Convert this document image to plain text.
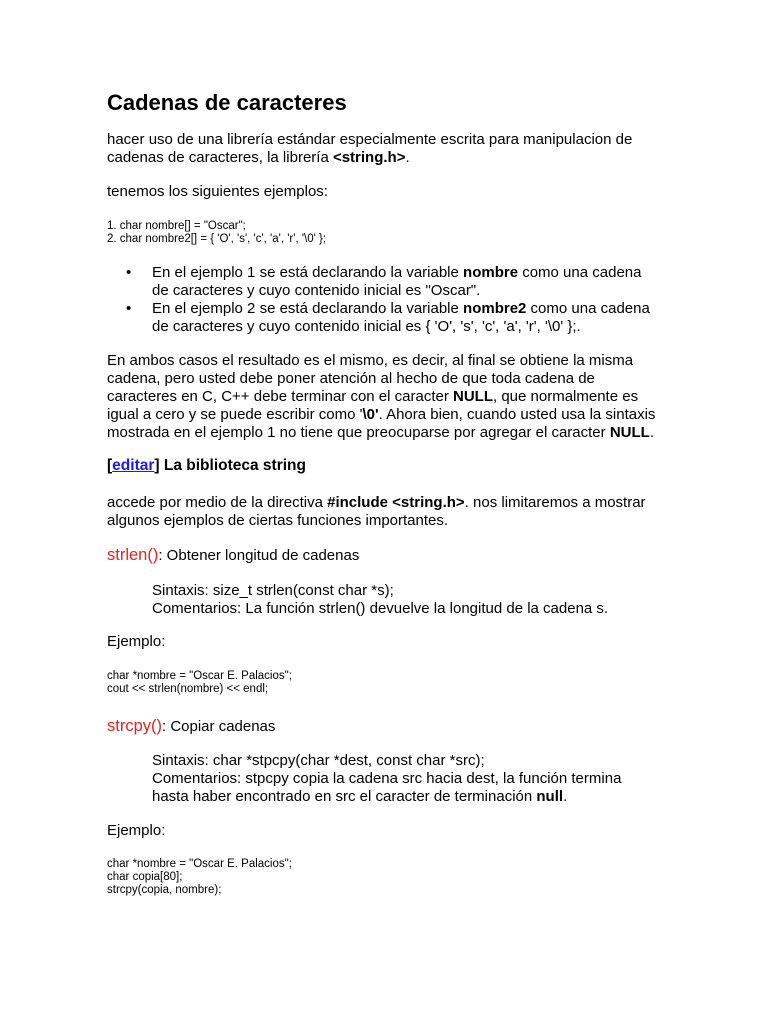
Cadenas de caracteres

hacer uso de una librería estándar especialmente escrita para manipulacion de

cadenas de caracteres, la librería <string.h>.

tenemos los siguientes ejemplos:

1. char nombre[] = "Oscar";
2. char nombre2[] = { 'O', 's', 'c', 'a', 'r', '\0' };
• En el ejemplo 1 se está declarando la variable nombre como una cadena
de caracteres y cuyo contenido inicial es "Oscar".
• En el ejemplo 2 se está declarando la variable nombre2 como una cadena
de caracteres y cuyo contenido inicial es { 'O', 's', 'c', 'a', 'r', '\0' };.

En ambos casos el resultado es el mismo, es decir, al final se obtiene la misma

cadena, pero usted debe poner atención al hecho de que toda cadena de

caracteres en C, C++ debe terminar con el caracter NULL, que normalmente es

igual a cero y se puede escribir como '\0'. Ahora bien, cuando usted usa la sintaxis

mostrada en el ejemplo 1 no tiene que preocuparse por agregar el caracter NULL.

[editar] La biblioteca string

accede por medio de la directiva #include <string.h>. nos limitaremos a mostrar

algunos ejemplos de ciertas funciones importantes.

strlen(): Obtener longitud de cadenas
Sintaxis: size_t strlen(const char *s);
Comentarios: La función strlen() devuelve la longitud de la cadena s.

Ejemplo:

char *nombre = "Oscar E. Palacios";
cout << strlen(nombre) << endl;
strcpy(): Copiar cadenas
Sintaxis: char *stpcpy(char *dest, const char *src);
Comentarios: stpcpy copia la cadena src hacia dest, la función termina
hasta haber encontrado en src el caracter de terminación null.

Ejemplo:

char *nombre = "Oscar E. Palacios";
char copia[80];
strcpy(copia, nombre);
